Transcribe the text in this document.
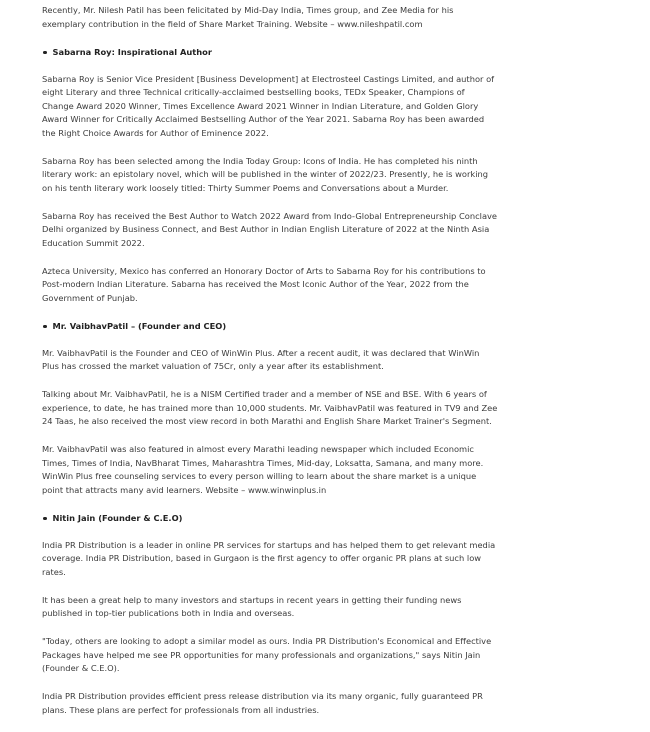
Recently, Mr. Nilesh Patil has been felicitated by Mid-Day India, Times group, and Zee Media for his exemplary contribution in the field of Share Market Training. Website – www.nileshpatil.com

Sabarna Roy: Inspirational Author

Sabarna Roy is Senior Vice President [Business Development] at Electrosteel Castings Limited, and author of eight Literary and three Technical critically-acclaimed bestselling books, TEDx Speaker, Champions of Change Award 2020 Winner, Times Excellence Award 2021 Winner in Indian Literature, and Golden Glory Award Winner for Critically Acclaimed Bestselling Author of the Year 2021. Sabarna Roy has been awarded the Right Choice Awards for Author of Eminence 2022.

Sabarna Roy has been selected among the India Today Group: Icons of India. He has completed his ninth literary work: an epistolary novel, which will be published in the winter of 2022/23. Presently, he is working on his tenth literary work loosely titled: Thirty Summer Poems and Conversations about a Murder.

Sabarna Roy has received the Best Author to Watch 2022 Award from Indo-Global Entrepreneurship Conclave Delhi organized by Business Connect, and Best Author in Indian English Literature of 2022 at the Ninth Asia Education Summit 2022.

Azteca University, Mexico has conferred an Honorary Doctor of Arts to Sabarna Roy for his contributions to Post-modern Indian Literature. Sabarna has received the Most Iconic Author of the Year, 2022 from the Government of Punjab.

Mr. VaibhavPatil – (Founder and CEO)

Mr. VaibhavPatil is the Founder and CEO of WinWin Plus. After a recent audit, it was declared that WinWin Plus has crossed the market valuation of 75Cr, only a year after its establishment.

Talking about Mr. VaibhavPatil, he is a NISM Certified trader and a member of NSE and BSE. With 6 years of experience, to date, he has trained more than 10,000 students. Mr. VaibhavPatil was featured in TV9 and Zee 24 Taas, he also received the most view record in both Marathi and English Share Market Trainer's Segment.

Mr. VaibhavPatil was also featured in almost every Marathi leading newspaper which included Economic Times, Times of India, NavBharat Times, Maharashtra Times, Mid-day, Loksatta, Samana, and many more. WinWin Plus free counseling services to every person willing to learn about the share market is a unique point that attracts many avid learners. Website – www.winwinplus.in

Nitin Jain (Founder & C.E.O)

India PR Distribution is a leader in online PR services for startups and has helped them to get relevant media coverage. India PR Distribution, based in Gurgaon is the first agency to offer organic PR plans at such low rates.

It has been a great help to many investors and startups in recent years in getting their funding news published in top-tier publications both in India and overseas.

"Today, others are looking to adopt a similar model as ours. India PR Distribution's Economical and Effective Packages have helped me see PR opportunities for many professionals and organizations," says Nitin Jain (Founder & C.E.O).

India PR Distribution provides efficient press release distribution via its many organic, fully guaranteed PR plans. These plans are perfect for professionals from all industries.
